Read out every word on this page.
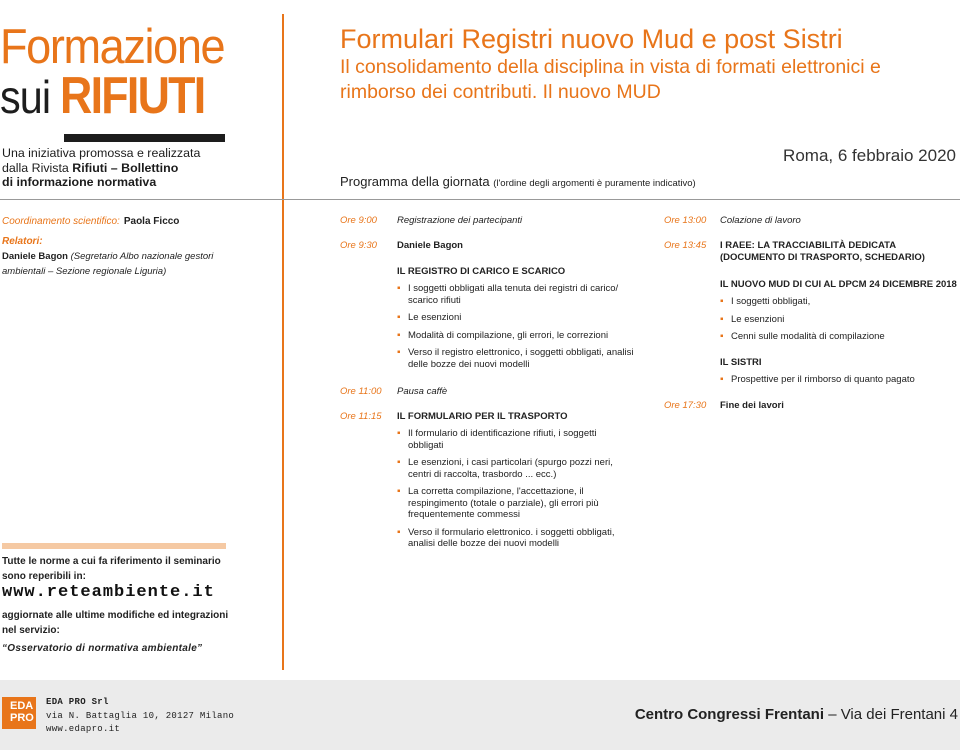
Formazione
sui RIFIUTI
Una iniziativa promossa e realizzata
dalla Rivista Rifiuti – Bollettino
di informazione normativa
Formulari Registri nuovo Mud e post Sistri
Il consolidamento della disciplina in vista di formati elettronici e rimborso dei contributi. Il nuovo MUD
Roma, 6 febbraio 2020
Programma della giornata (l'ordine degli argomenti è puramente indicativo)
Coordinamento scientifico: Paola Ficco
Relatori:
Daniele Bagon (Segretario Albo nazionale gestori ambientali – Sezione regionale Liguria)
Tutte le norme a cui fa riferimento il seminario sono reperibili in:
www.reteambiente.it
aggiornate alle ultime modifiche ed integrazioni nel servizio:
“Osservatorio di normativa ambientale”
Ore 9:00 Registrazione dei partecipanti
Ore 9:30 Daniele Bagon
IL REGISTRO DI CARICO E SCARICO
▪ I soggetti obbligati alla tenuta dei registri di carico/ scarico rifiuti
▪ Le esenzioni
▪ Modalità di compilazione, gli errori, le correzioni
▪ Verso il registro elettronico, i soggetti obbligati, analisi delle bozze dei nuovi modelli
Ore 11:00 Pausa caffè
Ore 11:15 IL FORMULARIO PER IL TRASPORTO
▪ Il formulario di identificazione rifiuti, i soggetti obbligati
▪ Le esenzioni, i casi particolari (spurgo pozzi neri, centri di raccolta, trasbordo ... ecc.)
▪ La corretta compilazione, l'accettazione, il respingimento (totale o parziale), gli errori più frequentemente commessi
▪ Verso il formulario elettronico. i soggetti obbligati, analisi delle bozze dei nuovi modelli
Ore 13:00 Colazione di lavoro
Ore 13:45 I RAEE: LA TRACCIABILITÀ DEDICATA (DOCUMENTO DI TRASPORTO, SCHEDARIO)
IL NUOVO MUD DI CUI AL DPCM 24 DICEMBRE 2018
▪ I soggetti obbligati,
▪ Le esenzioni
▪ Cenni sulle modalità di compilazione
IL SISTRI
▪ Prospettive per il rimborso di quanto pagato
Ore 17:30 Fine dei lavori
EDA
PRO
EDA PRO Srl
via N. Battaglia 10, 20127 Milano
www.edapro.it
Centro Congressi Frentani – Via dei Frentani 4
